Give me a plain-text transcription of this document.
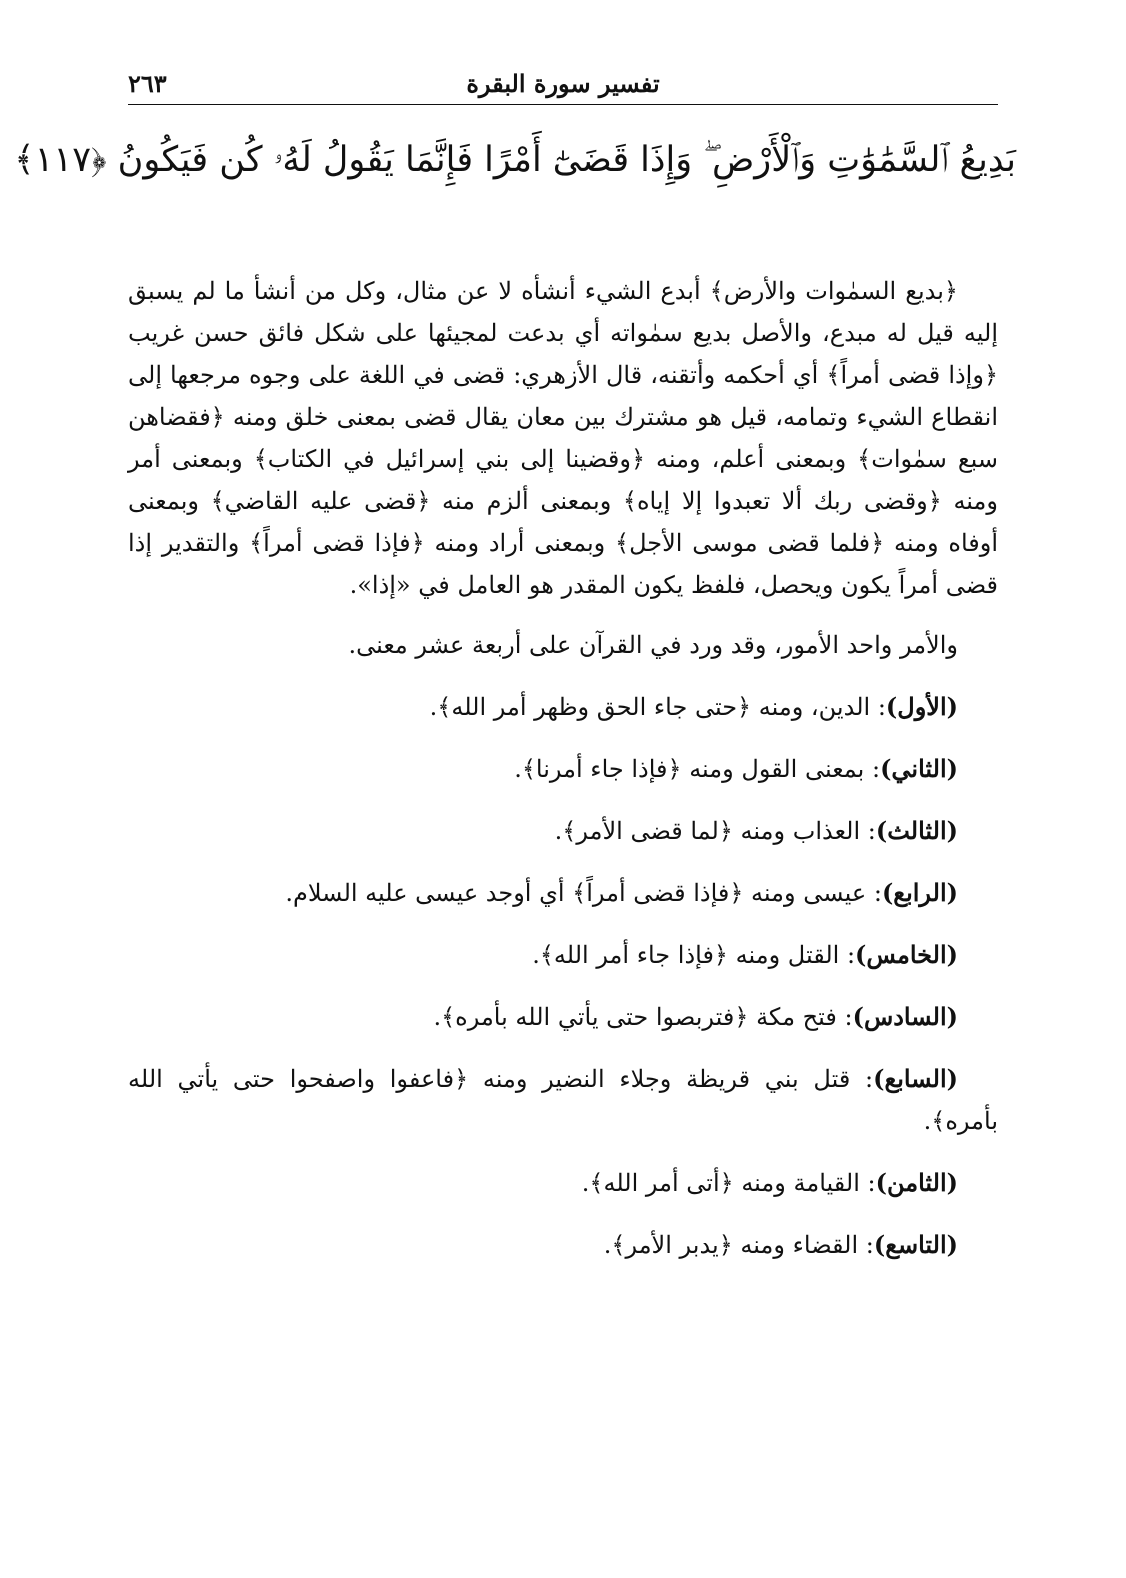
تفسير سورة البقرة
٢٦٣
بَدِيعُ ٱلسَّمَٰوَٰتِ وَٱلْأَرْضِ ۖ وَإِذَا قَضَىٰٓ أَمْرًا فَإِنَّمَا يَقُولُ لَهُۥ كُن فَيَكُونُ ﴿١١٧﴾

﴿بديع السمٰوات والأرض﴾ أبدع الشيء أنشأه لا عن مثال، وكل من أنشأ ما لم يسبق إليه قيل له مبدع، والأصل بديع سمٰواته أي بدعت لمجيئها على شكل فائق حسن غريب ﴿وإذا قضى أمراً﴾ أي أحكمه وأتقنه، قال الأزهري: قضى في اللغة على وجوه مرجعها إلى انقطاع الشيء وتمامه، قيل هو مشترك بين معان يقال قضى بمعنى خلق ومنه ﴿فقضاهن سبع سمٰوات﴾ وبمعنى أعلم، ومنه ﴿وقضينا إلى بني إسرائيل في الكتاب﴾ وبمعنى أمر ومنه ﴿وقضى ربك ألا تعبدوا إلا إياه﴾ وبمعنى ألزم منه ﴿قضى عليه القاضي﴾ وبمعنى أوفاه ومنه ﴿فلما قضى موسى الأجل﴾ وبمعنى أراد ومنه ﴿فإذا قضى أمراً﴾ والتقدير إذا قضى أمراً يكون ويحصل، فلفظ يكون المقدر هو العامل في «إذا».

والأمر واحد الأمور، وقد ورد في القرآن على أربعة عشر معنى.

(الأول): الدين، ومنه ﴿حتى جاء الحق وظهر أمر الله﴾.

(الثاني): بمعنى القول ومنه ﴿فإذا جاء أمرنا﴾.

(الثالث): العذاب ومنه ﴿لما قضى الأمر﴾.

(الرابع): عيسى ومنه ﴿فإذا قضى أمراً﴾ أي أوجد عيسى عليه السلام.

(الخامس): القتل ومنه ﴿فإذا جاء أمر الله﴾.

(السادس): فتح مكة ﴿فتربصوا حتى يأتي الله بأمره﴾.

(السابع): قتل بني قريظة وجلاء النضير ومنه ﴿فاعفوا واصفحوا حتى يأتي الله بأمره﴾.

(الثامن): القيامة ومنه ﴿أتى أمر الله﴾.

(التاسع): القضاء ومنه ﴿يدبر الأمر﴾.
